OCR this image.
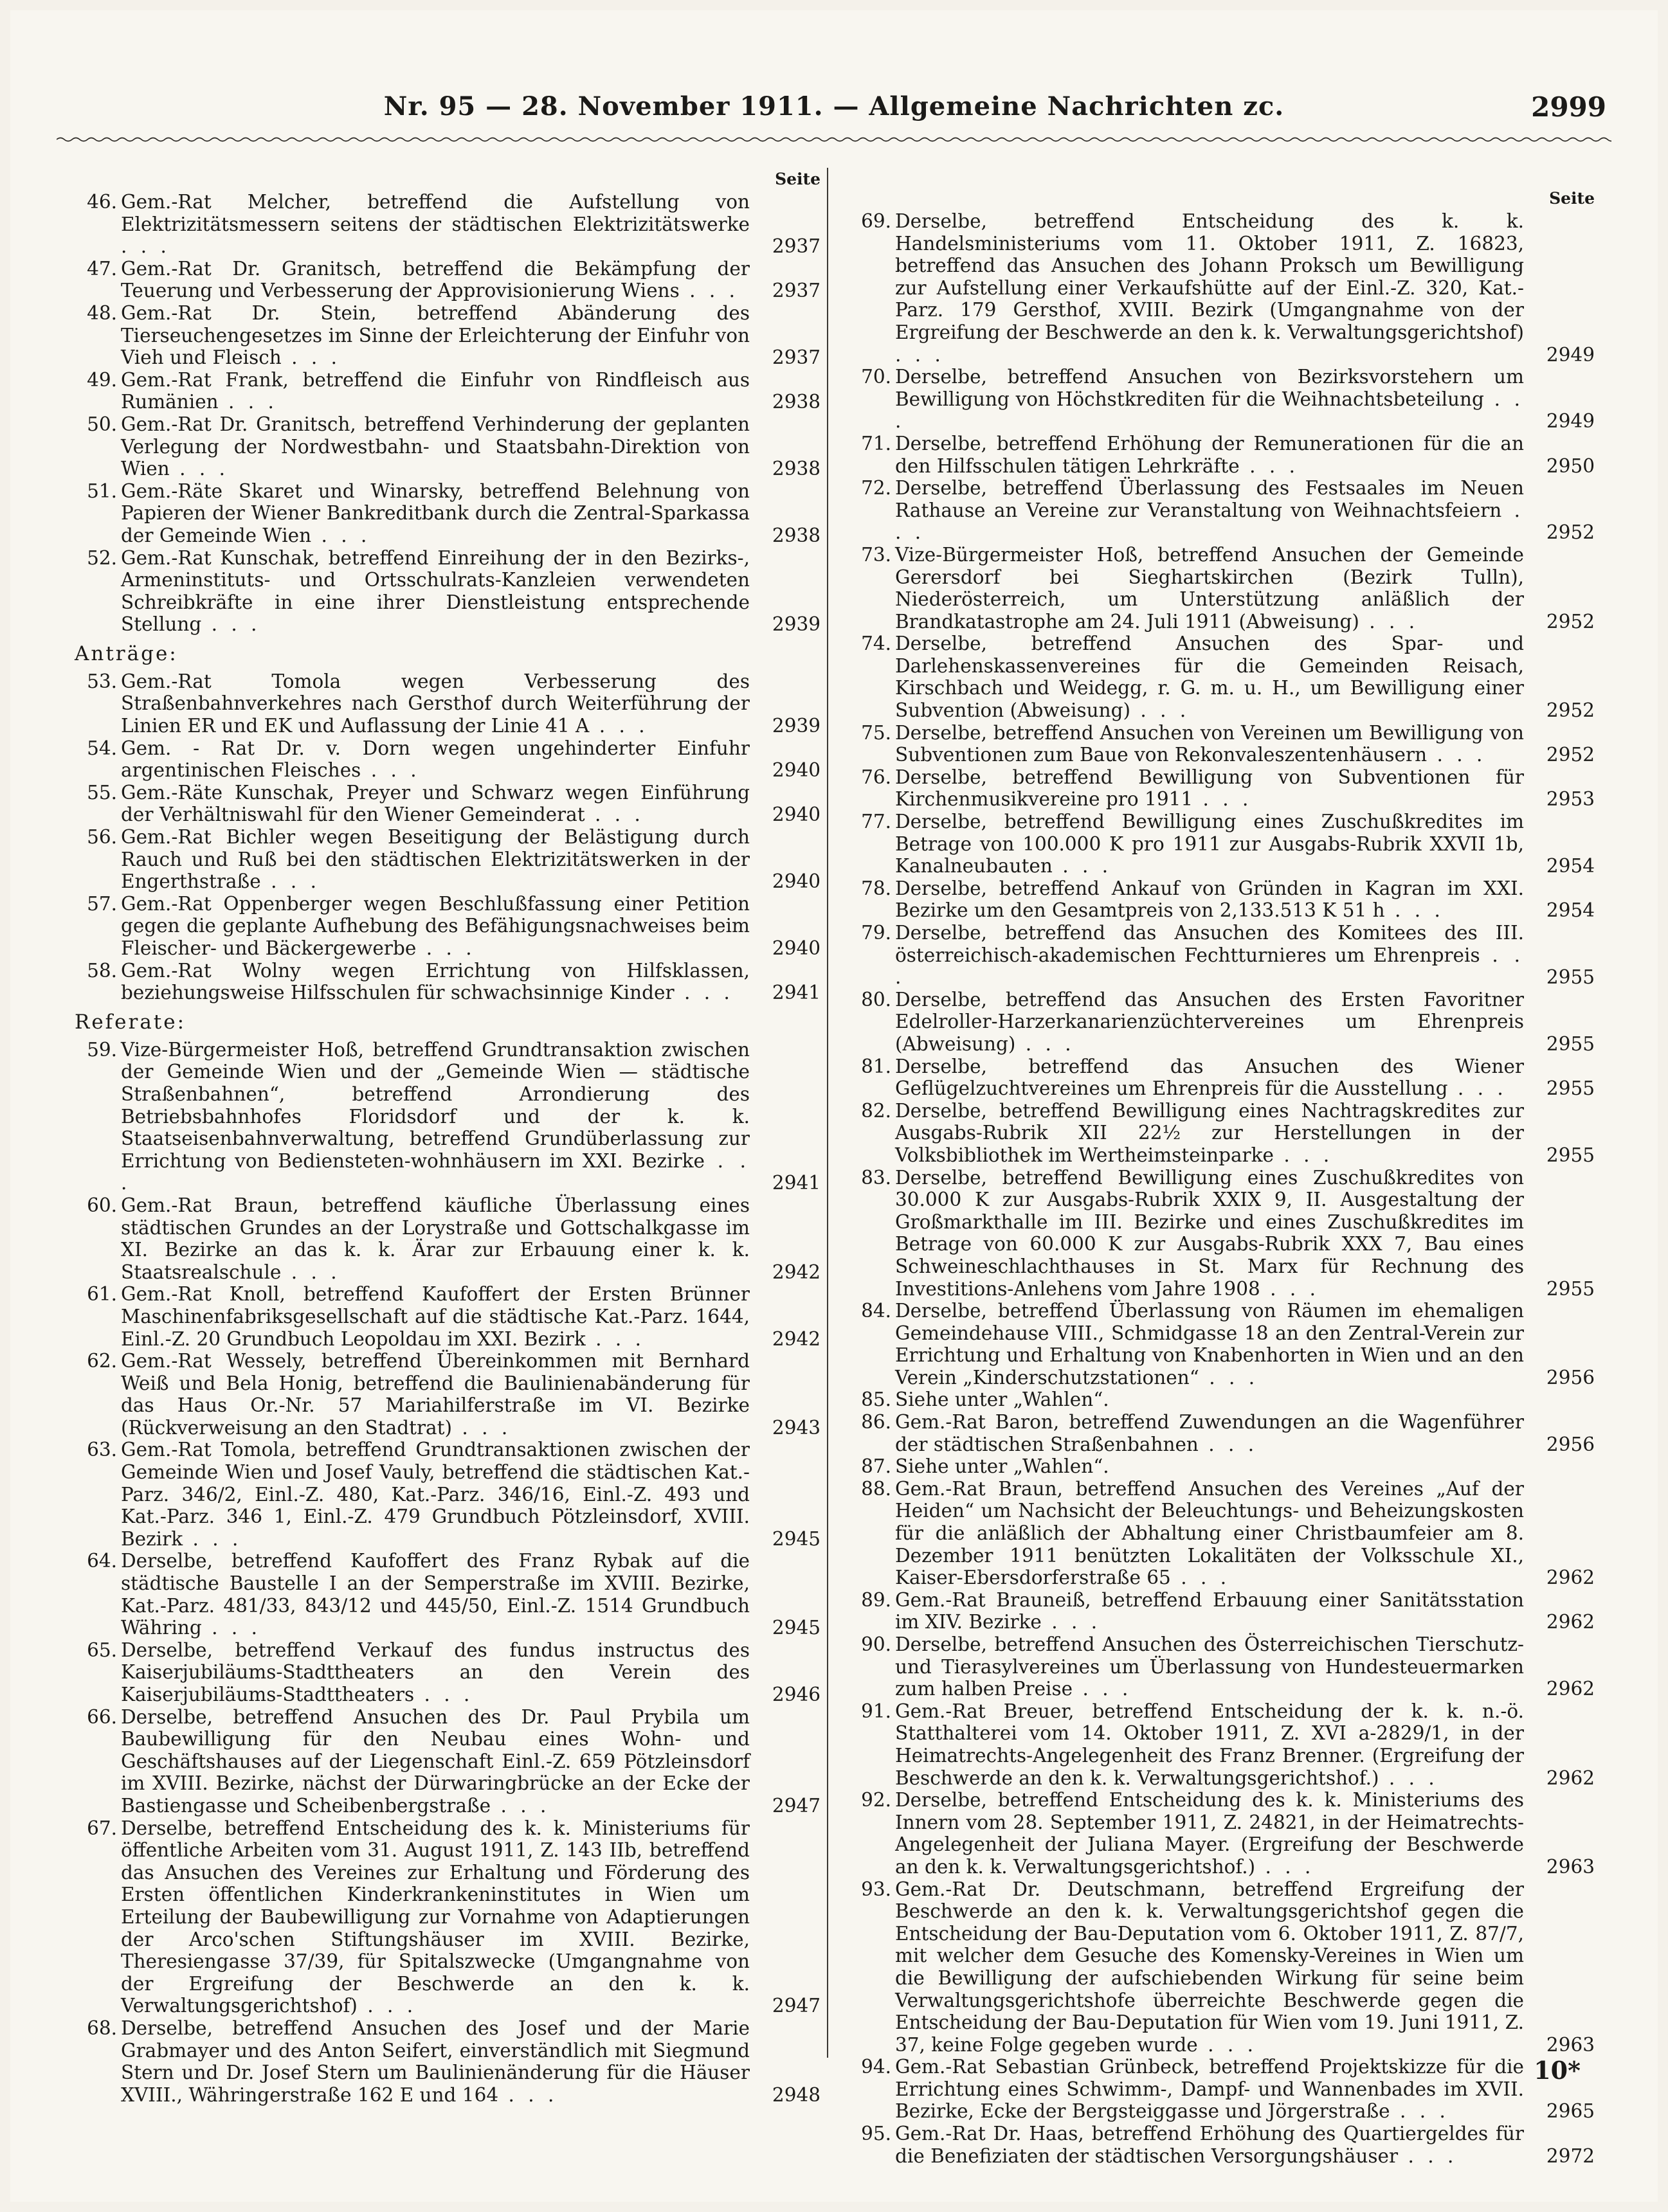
Nr. 95 — 28. November 1911. — Allgemeine Nachrichten zc.	2999
Seite
46. Gem.-Rat Melcher, betreffend die Aufstellung von Elektrizitätsmessern seitens der städtischen Elektrizitätswerke . . .	2937
47. Gem.-Rat Dr. Granitsch, betreffend die Bekämpfung der Teuerung und Verbesserung der Approvisionierung Wiens . . .	2937
48. Gem.-Rat Dr. Stein, betreffend Abänderung des Tierseuchengesetzes im Sinne der Erleichterung der Einfuhr von Vieh und Fleisch . . .	2937
49. Gem.-Rat Frank, betreffend die Einfuhr von Rindfleisch aus Rumänien . . .	2938
50. Gem.-Rat Dr. Granitsch, betreffend Verhinderung der geplanten Verlegung der Nordwestbahn- und Staatsbahn-Direktion von Wien . . .	2938
51. Gem.-Räte Skaret und Winarsky, betreffend Belehnung von Papieren der Wiener Bankreditbank durch die Zentral-Sparkassa der Gemeinde Wien . . .	2938
52. Gem.-Rat Kunschak, betreffend Einreihung der in den Bezirks-, Armeninstituts- und Ortsschulrats-Kanzleien verwendeten Schreibkräfte in eine ihrer Dienstleistung entsprechende Stellung . . .	2939
Anträge:
53. Gem.-Rat Tomola wegen Verbesserung des Straßenbahnverkehres nach Gersthof durch Weiterführung der Linien ER und EK und Auflassung der Linie 41 A . . .	2939
54. Gem. - Rat Dr. v. Dorn wegen ungehinderter Einfuhr argentinischen Fleisches . . .	2940
55. Gem.-Räte Kunschak, Preyer und Schwarz wegen Einführung der Verhältniswahl für den Wiener Gemeinderat . . .	2940
56. Gem.-Rat Bichler wegen Beseitigung der Belästigung durch Rauch und Ruß bei den städtischen Elektrizitätswerken in der Engerthstraße . . .	2940
57. Gem.-Rat Oppenberger wegen Beschlußfassung einer Petition gegen die geplante Aufhebung des Befähigungsnachweises beim Fleischer- und Bäckergewerbe . . .	2940
58. Gem.-Rat Wolny wegen Errichtung von Hilfsklassen, beziehungsweise Hilfsschulen für schwachsinnige Kinder . . .	2941
Referate:
59. Vize-Bürgermeister Hoß, betreffend Grundtransaktion zwischen der Gemeinde Wien und der „Gemeinde Wien — städtische Straßenbahnen“, betreffend Arrondierung des Betriebsbahnhofes Floridsdorf und der k. k. Staatseisenbahnverwaltung, betreffend Grundüberlassung zur Errichtung von Bediensteten-wohnhäusern im XXI. Bezirke . . .	2941
60. Gem.-Rat Braun, betreffend käufliche Überlassung eines städtischen Grundes an der Lorystraße und Gottschalkgasse im XI. Bezirke an das k. k. Ärar zur Erbauung einer k. k. Staatsrealschule . . .	2942
61. Gem.-Rat Knoll, betreffend Kaufoffert der Ersten Brünner Maschinenfabriksgesellschaft auf die städtische Kat.-Parz. 1644, Einl.-Z. 20 Grundbuch Leopoldau im XXI. Bezirk . . .	2942
62. Gem.-Rat Wessely, betreffend Übereinkommen mit Bernhard Weiß und Bela Honig, betreffend die Baulinienabänderung für das Haus Or.-Nr. 57 Mariahilferstraße im VI. Bezirke (Rückverweisung an den Stadtrat) . . .	2943
63. Gem.-Rat Tomola, betreffend Grundtransaktionen zwischen der Gemeinde Wien und Josef Vauly, betreffend die städtischen Kat.-Parz. 346/2, Einl.-Z. 480, Kat.-Parz. 346/16, Einl.-Z. 493 und Kat.-Parz. 346 1, Einl.-Z. 479 Grundbuch Pötzleinsdorf, XVIII. Bezirk . . .	2945
64. Derselbe, betreffend Kaufoffert des Franz Rybak auf die städtische Baustelle I an der Semperstraße im XVIII. Bezirke, Kat.-Parz. 481/33, 843/12 und 445/50, Einl.-Z. 1514 Grundbuch Währing . . .	2945
65. Derselbe, betreffend Verkauf des fundus instructus des Kaiserjubiläums-Stadttheaters an den Verein des Kaiserjubiläums-Stadttheaters . . .	2946
66. Derselbe, betreffend Ansuchen des Dr. Paul Prybila um Baubewilligung für den Neubau eines Wohn- und Geschäftshauses auf der Liegenschaft Einl.-Z. 659 Pötzleinsdorf im XVIII. Bezirke, nächst der Dürwaringbrücke an der Ecke der Bastiengasse und Scheibenbergstraße . . .	2947
67. Derselbe, betreffend Entscheidung des k. k. Ministeriums für öffentliche Arbeiten vom 31. August 1911, Z. 143 IIb, betreffend das Ansuchen des Vereines zur Erhaltung und Förderung des Ersten öffentlichen Kinderkrankeninstitutes in Wien um Erteilung der Baubewilligung zur Vornahme von Adaptierungen der Arco'schen Stiftungshäuser im XVIII. Bezirke, Theresiengasse 37/39, für Spitalszwecke (Umgangnahme von der Ergreifung der Beschwerde an den k. k. Verwaltungsgerichtshof) . . .	2947
68. Derselbe, betreffend Ansuchen des Josef und der Marie Grabmayer und des Anton Seifert, einverständlich mit Siegmund Stern und Dr. Josef Stern um Baulinienänderung für die Häuser XVIII., Währingerstraße 162 E und 164 . . .	2948
Seite
69. Derselbe, betreffend Entscheidung des k. k. Handelsministeriums vom 11. Oktober 1911, Z. 16823, betreffend das Ansuchen des Johann Proksch um Bewilligung zur Aufstellung einer Verkaufshütte auf der Einl.-Z. 320, Kat.-Parz. 179 Gersthof, XVIII. Bezirk (Umgangnahme von der Ergreifung der Beschwerde an den k. k. Verwaltungsgerichtshof) . . .	2949
70. Derselbe, betreffend Ansuchen von Bezirksvorstehern um Bewilligung von Höchstkrediten für die Weihnachtsbeteilung . . .	2949
71. Derselbe, betreffend Erhöhung der Remunerationen für die an den Hilfsschulen tätigen Lehrkräfte . . .	2950
72. Derselbe, betreffend Überlassung des Festsaales im Neuen Rathause an Vereine zur Veranstaltung von Weihnachtsfeiern . . .	2952
73. Vize-Bürgermeister Hoß, betreffend Ansuchen der Gemeinde Gerersdorf bei Sieghartskirchen (Bezirk Tulln), Niederösterreich, um Unterstützung anläßlich der Brandkatastrophe am 24. Juli 1911 (Abweisung) . . .	2952
74. Derselbe, betreffend Ansuchen des Spar- und Darlehenskassenvereines für die Gemeinden Reisach, Kirschbach und Weidegg, r. G. m. u. H., um Bewilligung einer Subvention (Abweisung) . . .	2952
75. Derselbe, betreffend Ansuchen von Vereinen um Bewilligung von Subventionen zum Baue von Rekonvaleszentenhäusern . . .	2952
76. Derselbe, betreffend Bewilligung von Subventionen für Kirchenmusikvereine pro 1911 . . .	2953
77. Derselbe, betreffend Bewilligung eines Zuschußkredites im Betrage von 100.000 K pro 1911 zur Ausgabs-Rubrik XXVII 1b, Kanalneubauten . . .	2954
78. Derselbe, betreffend Ankauf von Gründen in Kagran im XXI. Bezirke um den Gesamtpreis von 2,133.513 K 51 h . . .	2954
79. Derselbe, betreffend das Ansuchen des Komitees des III. österreichisch-akademischen Fechtturnieres um Ehrenpreis . . .	2955
80. Derselbe, betreffend das Ansuchen des Ersten Favoritner Edelroller-Harzerkanarienzüchtervereines um Ehrenpreis (Abweisung) . . .	2955
81. Derselbe, betreffend das Ansuchen des Wiener Geflügelzuchtvereines um Ehrenpreis für die Ausstellung . . .	2955
82. Derselbe, betreffend Bewilligung eines Nachtragskredites zur Ausgabs-Rubrik XII 22½ zur Herstellungen in der Volksbibliothek im Wertheimsteinparke . . .	2955
83. Derselbe, betreffend Bewilligung eines Zuschußkredites von 30.000 K zur Ausgabs-Rubrik XXIX 9, II. Ausgestaltung der Großmarkthalle im III. Bezirke und eines Zuschußkredites im Betrage von 60.000 K zur Ausgabs-Rubrik XXX 7, Bau eines Schweineschlachthauses in St. Marx für Rechnung des Investitions-Anlehens vom Jahre 1908 . . .	2955
84. Derselbe, betreffend Überlassung von Räumen im ehemaligen Gemeindehause VIII., Schmidgasse 18 an den Zentral-Verein zur Errichtung und Erhaltung von Knabenhorten in Wien und an den Verein „Kinderschutzstationen“ . . .	2956
85. Siehe unter „Wahlen“.
86. Gem.-Rat Baron, betreffend Zuwendungen an die Wagenführer der städtischen Straßenbahnen . . .	2956
87. Siehe unter „Wahlen“.
88. Gem.-Rat Braun, betreffend Ansuchen des Vereines „Auf der Heiden“ um Nachsicht der Beleuchtungs- und Beheizungskosten für die anläßlich der Abhaltung einer Christbaumfeier am 8. Dezember 1911 benützten Lokalitäten der Volksschule XI., Kaiser-Ebersdorferstraße 65 . . .	2962
89. Gem.-Rat Brauneiß, betreffend Erbauung einer Sanitätsstation im XIV. Bezirke . . .	2962
90. Derselbe, betreffend Ansuchen des Österreichischen Tierschutz- und Tierasylvereines um Überlassung von Hundesteuermarken zum halben Preise . . .	2962
91. Gem.-Rat Breuer, betreffend Entscheidung der k. k. n.-ö. Statthalterei vom 14. Oktober 1911, Z. XVI a-2829/1, in der Heimatrechts-Angelegenheit des Franz Brenner. (Ergreifung der Beschwerde an den k. k. Verwaltungsgerichtshof.) . . .	2962
92. Derselbe, betreffend Entscheidung des k. k. Ministeriums des Innern vom 28. September 1911, Z. 24821, in der Heimatrechts-Angelegenheit der Juliana Mayer. (Ergreifung der Beschwerde an den k. k. Verwaltungsgerichtshof.) . . .	2963
93. Gem.-Rat Dr. Deutschmann, betreffend Ergreifung der Beschwerde an den k. k. Verwaltungsgerichtshof gegen die Entscheidung der Bau-Deputation vom 6. Oktober 1911, Z. 87/7, mit welcher dem Gesuche des Komensky-Vereines in Wien um die Bewilligung der aufschiebenden Wirkung für seine beim Verwaltungsgerichtshofe überreichte Beschwerde gegen die Entscheidung der Bau-Deputation für Wien vom 19. Juni 1911, Z. 37, keine Folge gegeben wurde . . .	2963
94. Gem.-Rat Sebastian Grünbeck, betreffend Projektskizze für die Errichtung eines Schwimm-, Dampf- und Wannenbades im XVII. Bezirke, Ecke der Bergsteiggasse und Jörgerstraße . . .	2965
95. Gem.-Rat Dr. Haas, betreffend Erhöhung des Quartiergeldes für die Benefiziaten der städtischen Versorgungshäuser . . .	2972
10*
